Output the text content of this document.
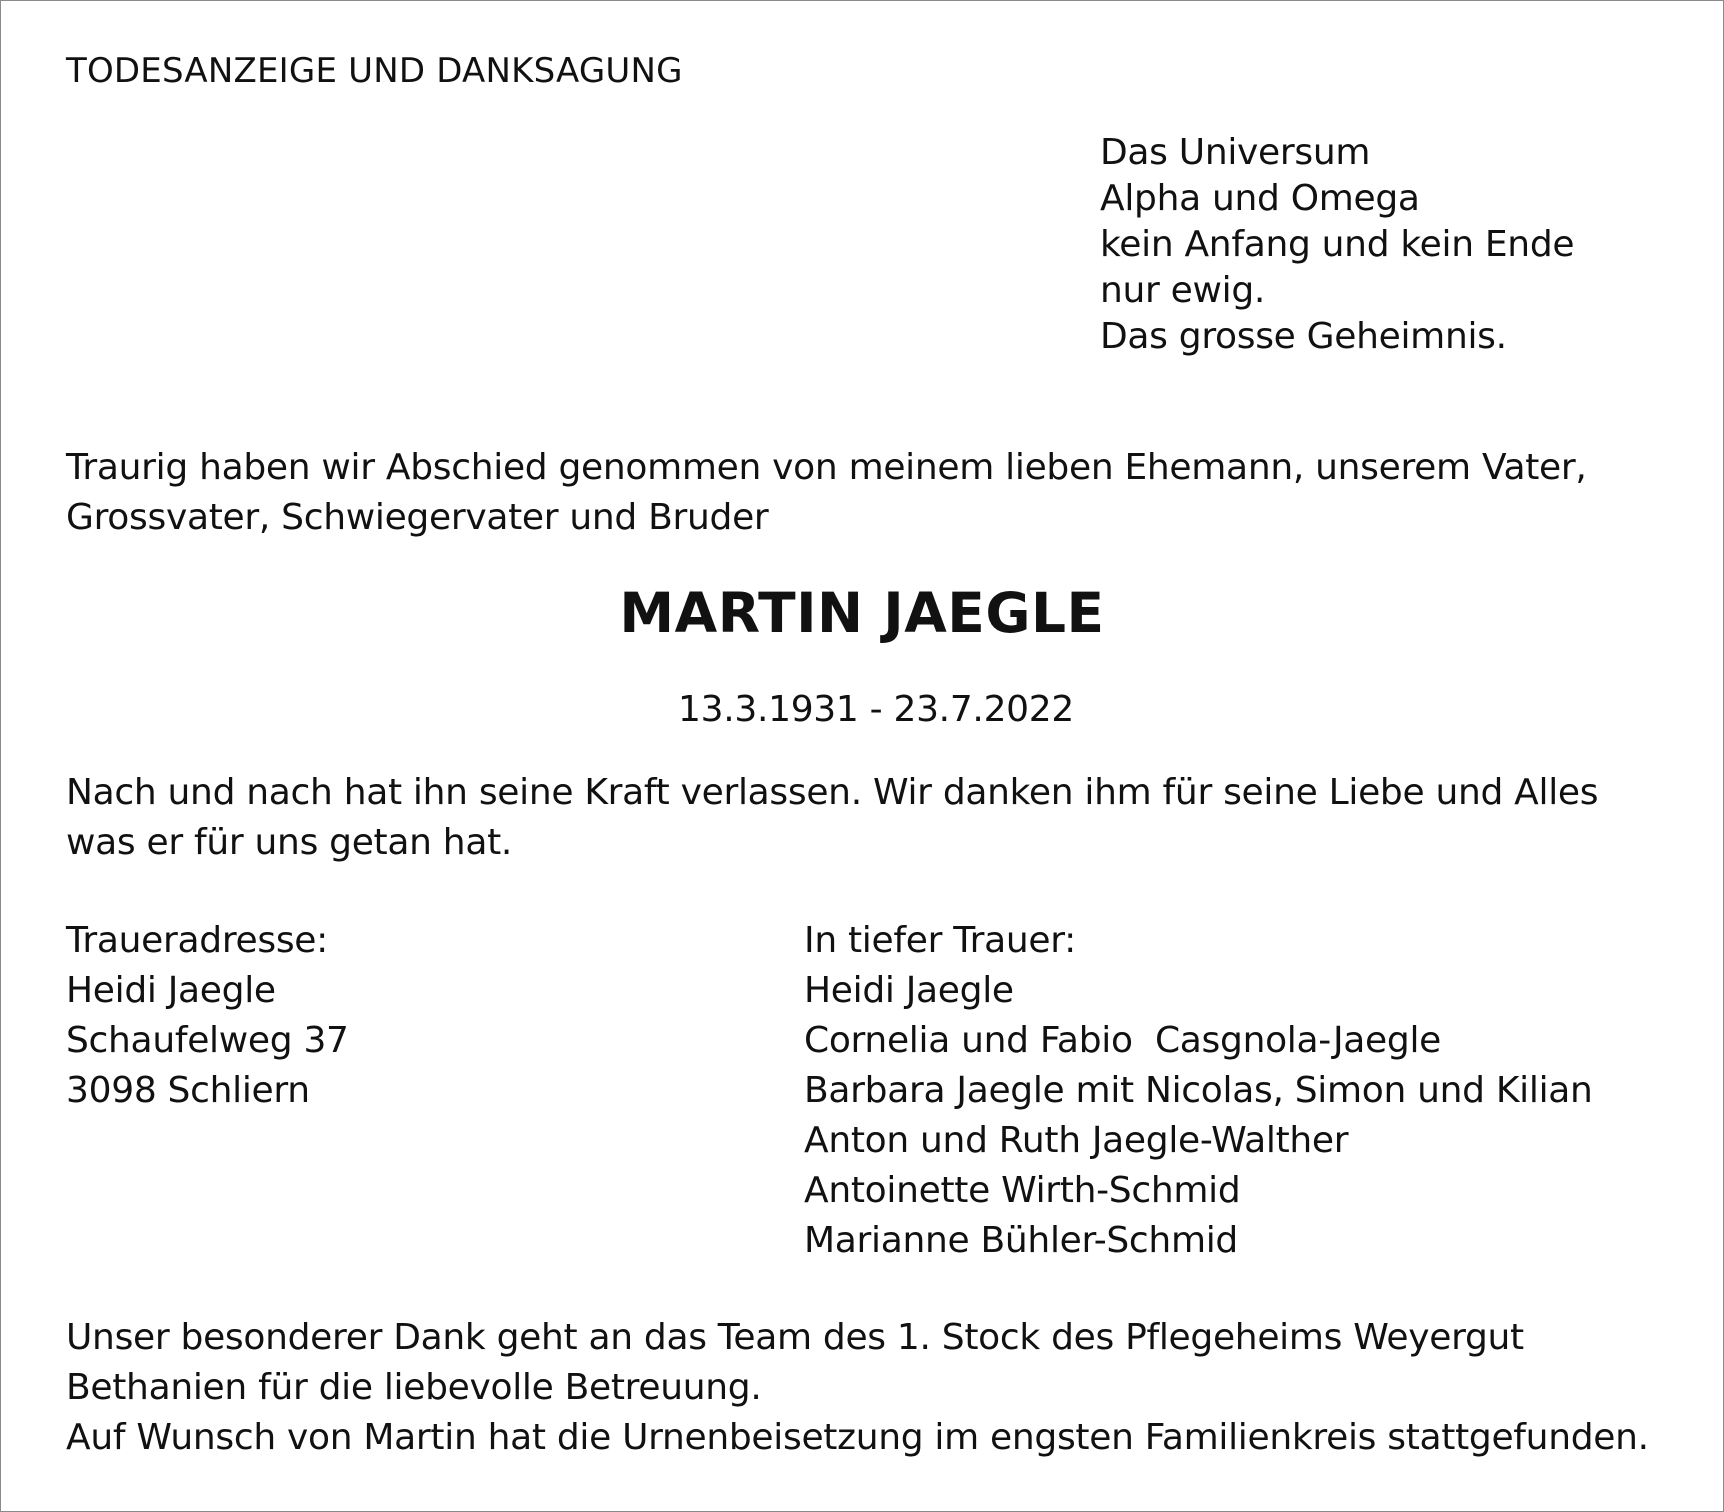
TODESANZEIGE UND DANKSAGUNG
Das Universum
Alpha und Omega
kein Anfang und kein Ende
nur ewig.
Das grosse Geheimnis.
Traurig haben wir Abschied genommen von meinem lieben Ehemann, unserem Vater,
Grossvater, Schwiegervater und Bruder
MARTIN JAEGLE
13.3.1931 - 23.7.2022
Nach und nach hat ihn seine Kraft verlassen. Wir danken ihm für seine Liebe und Alles
was er für uns getan hat.
Traueradresse:
Heidi Jaegle
Schaufelweg 37
3098 Schliern
In tiefer Trauer:
Heidi Jaegle
Cornelia und Fabio  Casgnola-Jaegle
Barbara Jaegle mit Nicolas, Simon und Kilian
Anton und Ruth Jaegle-Walther
Antoinette Wirth-Schmid
Marianne Bühler-Schmid
Unser besonderer Dank geht an das Team des 1. Stock des Pflegeheims Weyergut
Bethanien für die liebevolle Betreuung.
Auf Wunsch von Martin hat die Urnenbeisetzung im engsten Familienkreis stattgefunden.
